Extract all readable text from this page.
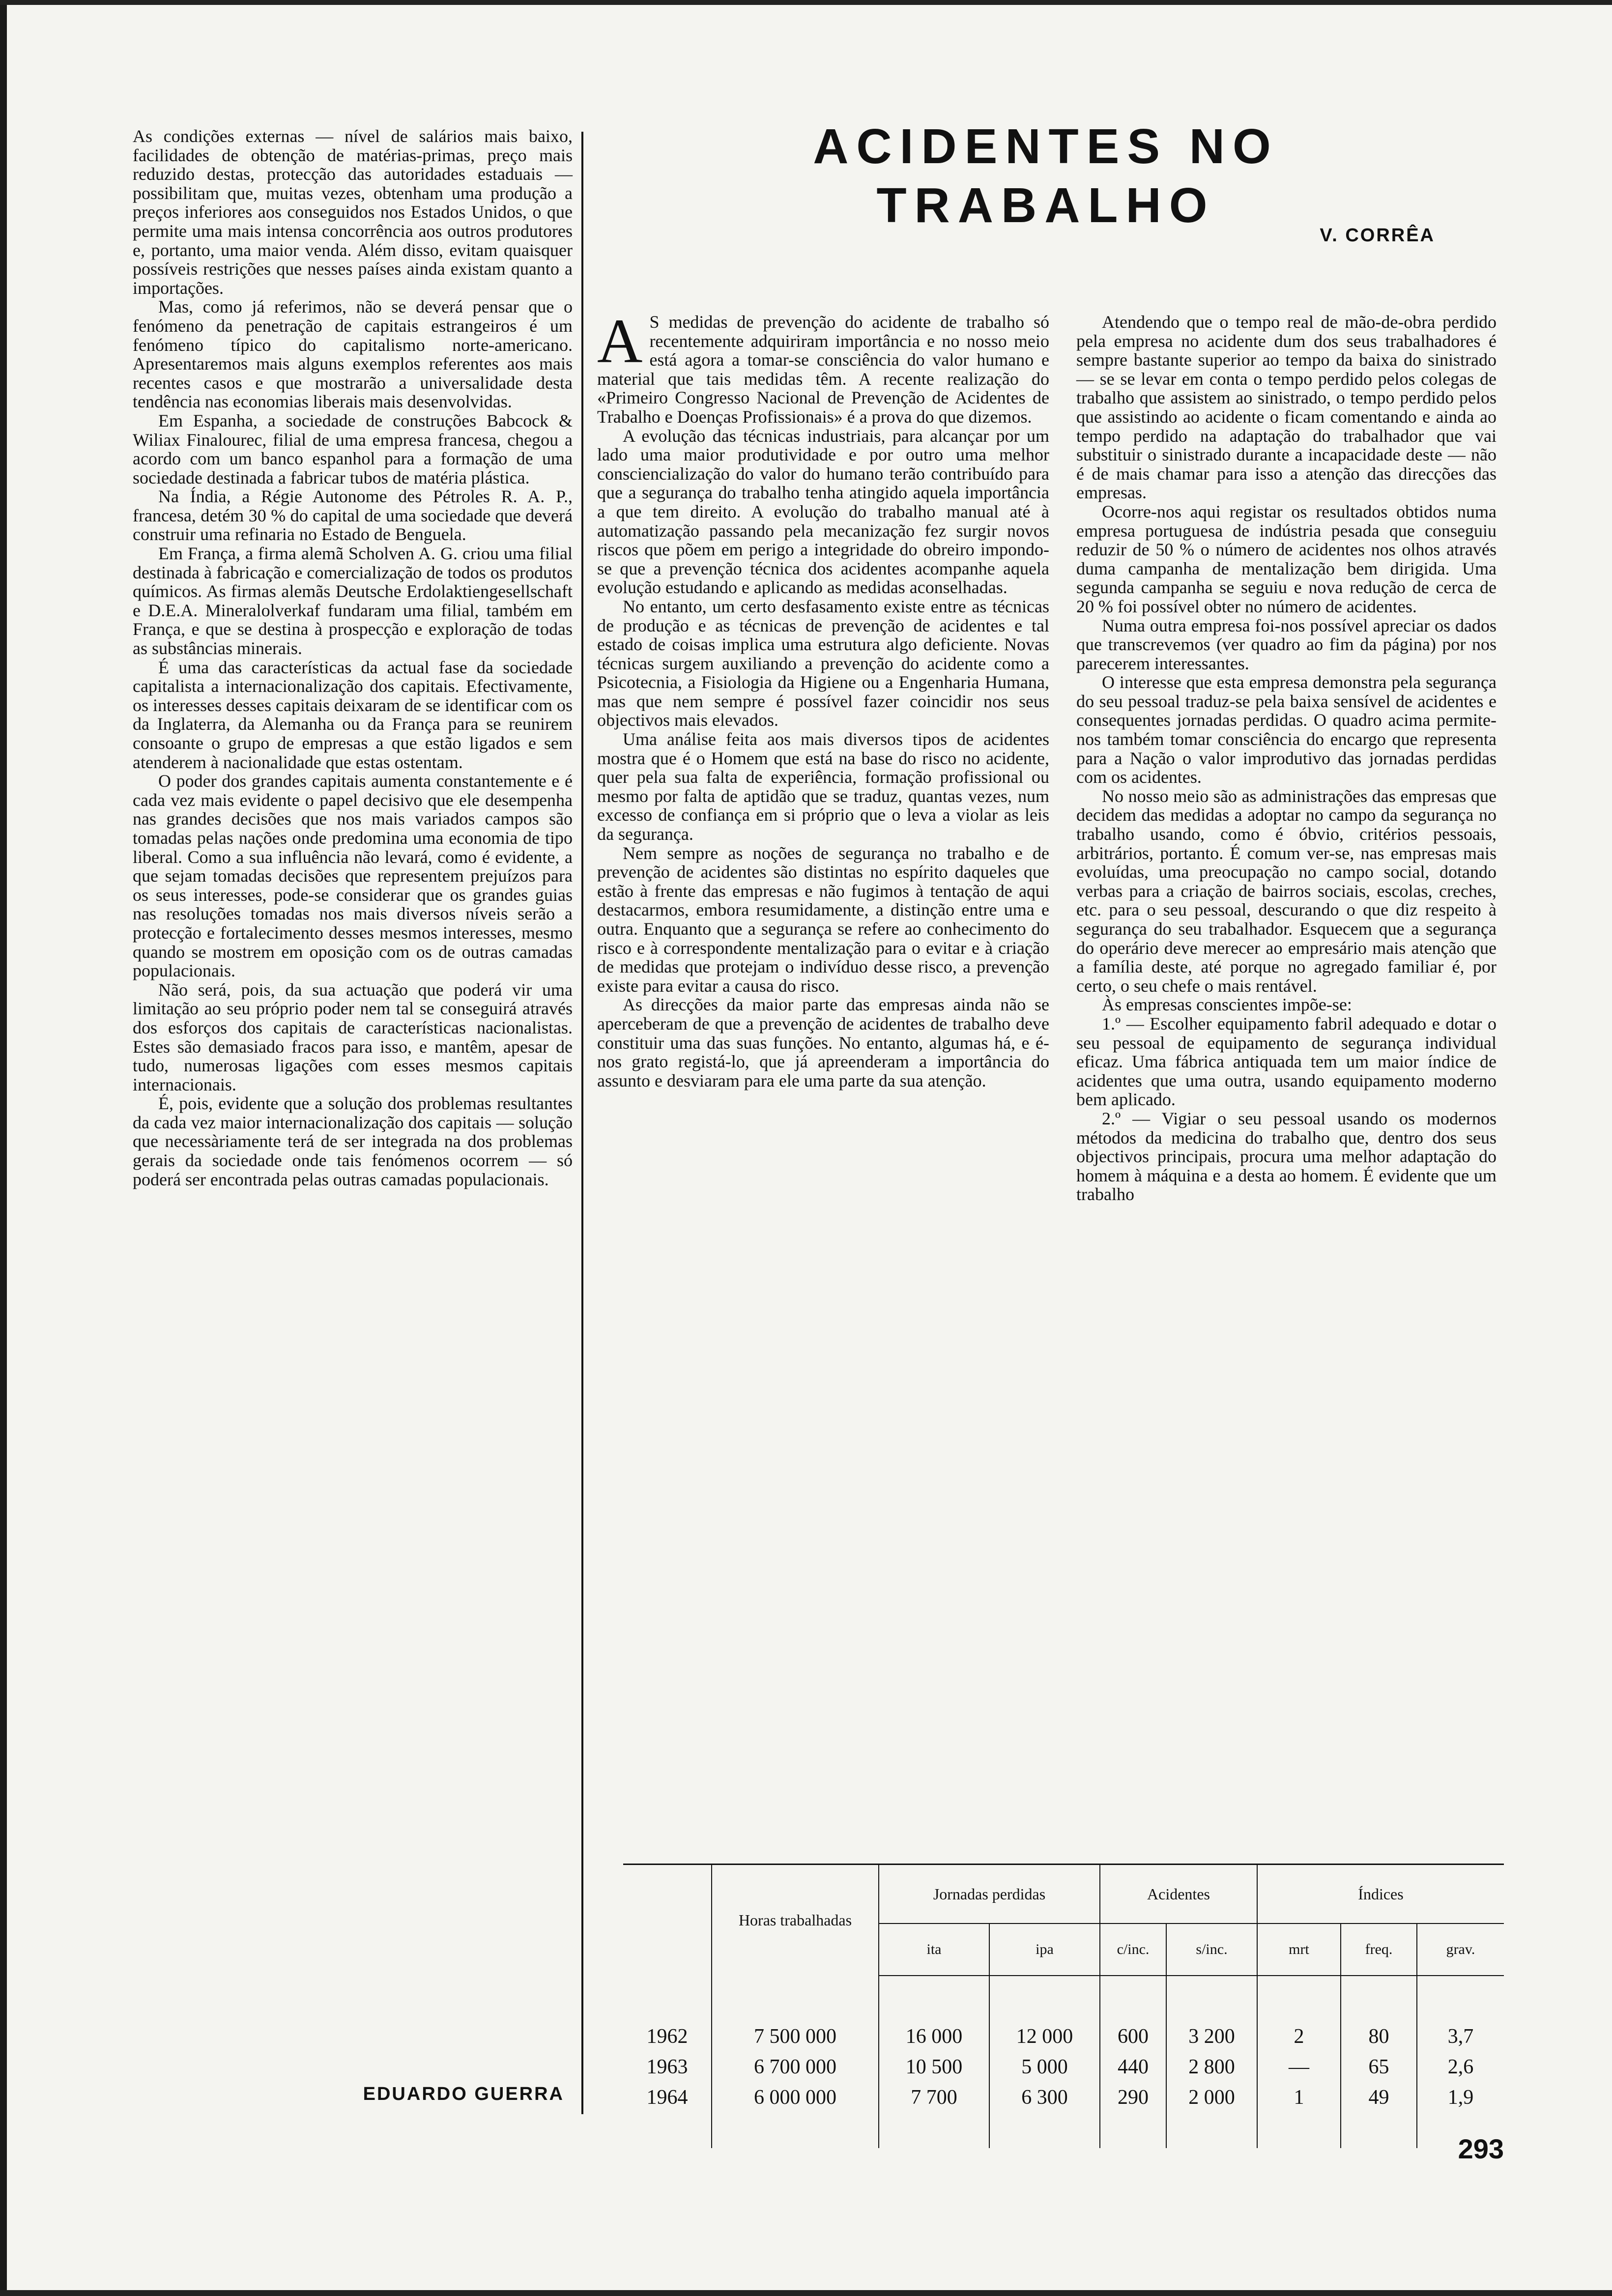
As condições externas — nível de salários mais baixo, facilidades de obtenção de matérias-primas, preço mais reduzido destas, protecção das autoridades estaduais — possibilitam que, muitas vezes, obtenham uma produção a preços inferiores aos conseguidos nos Estados Unidos, o que permite uma mais intensa concorrência aos outros produtores e, portanto, uma maior venda. Além disso, evitam quaisquer possíveis restrições que nesses países ainda existam quanto a importações.

Mas, como já referimos, não se deverá pensar que o fenómeno da penetração de capitais estrangeiros é um fenómeno típico do capitalismo norte-americano. Apresentaremos mais alguns exemplos referentes aos mais recentes casos e que mostrarão a universalidade desta tendência nas economias liberais mais desenvolvidas.

Em Espanha, a sociedade de construções Babcock & Wiliax Finalourec, filial de uma empresa francesa, chegou a acordo com um banco espanhol para a formação de uma sociedade destinada a fabricar tubos de matéria plástica.

Na Índia, a Régie Autonome des Pétroles R. A. P., francesa, detém 30 % do capital de uma sociedade que deverá construir uma refinaria no Estado de Benguela.

Em França, a firma alemã Scholven A. G. criou uma filial destinada à fabricação e comercialização de todos os produtos químicos. As firmas alemãs Deutsche Erdolaktiengesellschaft e D.E.A. Mineralolverkaf fundaram uma filial, também em França, e que se destina à prospecção e exploração de todas as substâncias minerais.

É uma das características da actual fase da sociedade capitalista a internacionalização dos capitais. Efectivamente, os interesses desses capitais deixaram de se identificar com os da Inglaterra, da Alemanha ou da França para se reunirem consoante o grupo de empresas a que estão ligados e sem atenderem à nacionalidade que estas ostentam.

O poder dos grandes capitais aumenta constantemente e é cada vez mais evidente o papel decisivo que ele desempenha nas grandes decisões que nos mais variados campos são tomadas pelas nações onde predomina uma economia de tipo liberal. Como a sua influência não levará, como é evidente, a que sejam tomadas decisões que representem prejuízos para os seus interesses, pode-se considerar que os grandes guias nas resoluções tomadas nos mais diversos níveis serão a protecção e fortalecimento desses mesmos interesses, mesmo quando se mostrem em oposição com os de outras camadas populacionais.

Não será, pois, da sua actuação que poderá vir uma limitação ao seu próprio poder nem tal se conseguirá através dos esforços dos capitais de características nacionalistas. Estes são demasiado fracos para isso, e mantêm, apesar de tudo, numerosas ligações com esses mesmos capitais internacionais.

É, pois, evidente que a solução dos problemas resultantes da cada vez maior internacionalização dos capitais — solução que necessàriamente terá de ser integrada na dos problemas gerais da sociedade onde tais fenómenos ocorrem — só poderá ser encontrada pelas outras camadas populacionais.

EDUARDO GUERRA
ACIDENTES NO TRABALHO
V. CORRÊA

A S medidas de prevenção do acidente de trabalho só recentemente adquiriram importância e no nosso meio está agora a tomar-se consciência do valor humano e material que tais medidas têm. A recente realização do «Primeiro Congresso Nacional de Prevenção de Acidentes de Trabalho e Doenças Profissionais» é a prova do que dizemos.

A evolução das técnicas industriais, para alcançar por um lado uma maior produtividade e por outro uma melhor consciencialização do valor do humano terão contribuído para que a segurança do trabalho tenha atingido aquela importância a que tem direito. A evolução do trabalho manual até à automatização passando pela mecanização fez surgir novos riscos que põem em perigo a integridade do obreiro impondo-se que a prevenção técnica dos acidentes acompanhe aquela evolução estudando e aplicando as medidas aconselhadas.

No entanto, um certo desfasamento existe entre as técnicas de produção e as técnicas de prevenção de acidentes e tal estado de coisas implica uma estrutura algo deficiente. Novas técnicas surgem auxiliando a prevenção do acidente como a Psicotecnia, a Fisiologia da Higiene ou a Engenharia Humana, mas que nem sempre é possível fazer coincidir nos seus objectivos mais elevados.

Uma análise feita aos mais diversos tipos de acidentes mostra que é o Homem que está na base do risco no acidente, quer pela sua falta de experiência, formação profissional ou mesmo por falta de aptidão que se traduz, quantas vezes, num excesso de confiança em si próprio que o leva a violar as leis da segurança.

Nem sempre as noções de segurança no trabalho e de prevenção de acidentes são distintas no espírito daqueles que estão à frente das empresas e não fugimos à tentação de aqui destacarmos, embora resumidamente, a distinção entre uma e outra. Enquanto que a segurança se refere ao conhecimento do risco e à correspondente mentalização para o evitar e à criação de medidas que protejam o indivíduo desse risco, a prevenção existe para evitar a causa do risco.

As direcções da maior parte das empresas ainda não se aperceberam de que a prevenção de acidentes de trabalho deve constituir uma das suas funções. No entanto, algumas há, e é-nos grato registá-lo, que já apreenderam a importância do assunto e desviaram para ele uma parte da sua atenção.

Atendendo que o tempo real de mão-de-obra perdido pela empresa no acidente dum dos seus trabalhadores é sempre bastante superior ao tempo da baixa do sinistrado — se se levar em conta o tempo perdido pelos colegas de trabalho que assistem ao sinistrado, o tempo perdido pelos que assistindo ao acidente o ficam comentando e ainda ao tempo perdido na adaptação do trabalhador que vai substituir o sinistrado durante a incapacidade deste — não é de mais chamar para isso a atenção das direcções das empresas.

Ocorre-nos aqui registar os resultados obtidos numa empresa portuguesa de indústria pesada que conseguiu reduzir de 50 % o número de acidentes nos olhos através duma campanha de mentalização bem dirigida. Uma segunda campanha se seguiu e nova redução de cerca de 20 % foi possível obter no número de acidentes.

Numa outra empresa foi-nos possível apreciar os dados que transcrevemos (ver quadro ao fim da página) por nos parecerem interessantes.

O interesse que esta empresa demonstra pela segurança do seu pessoal traduz-se pela baixa sensível de acidentes e consequentes jornadas perdidas. O quadro acima permite-nos também tomar consciência do encargo que representa para a Nação o valor improdutivo das jornadas perdidas com os acidentes.

No nosso meio são as administrações das empresas que decidem das medidas a adoptar no campo da segurança no trabalho usando, como é óbvio, critérios pessoais, arbitrários, portanto. É comum ver-se, nas empresas mais evoluídas, uma preocupação no campo social, dotando verbas para a criação de bairros sociais, escolas, creches, etc. para o seu pessoal, descurando o que diz respeito à segurança do seu trabalhador. Esquecem que a segurança do operário deve merecer ao empresário mais atenção que a família deste, até porque no agregado familiar é, por certo, o seu chefe o mais rentável.

Às empresas conscientes impõe-se:

1.º — Escolher equipamento fabril adequado e dotar o seu pessoal de equipamento de segurança individual eficaz. Uma fábrica antiquada tem um maior índice de acidentes que uma outra, usando equipamento moderno bem aplicado.

2.º — Vigiar o seu pessoal usando os modernos métodos da medicina do trabalho que, dentro dos seus objectivos principais, procura uma melhor adaptação do homem à máquina e a desta ao homem. É evidente que um trabalho

	Horas trabalhadas	Jornadas perdidas		Acidentes		Índices		
		ita	ipa	c/inc.	s/inc.	mrt	freq.	grav.

1962	7 500 000	16 000	12 000	600	3 200	2	80	3,7
1963	6 700 000	10 500	5 000	440	2 800	—	65	2,6
1964	6 000 000	7 700	6 300	290	2 000	1	49	1,9

293
